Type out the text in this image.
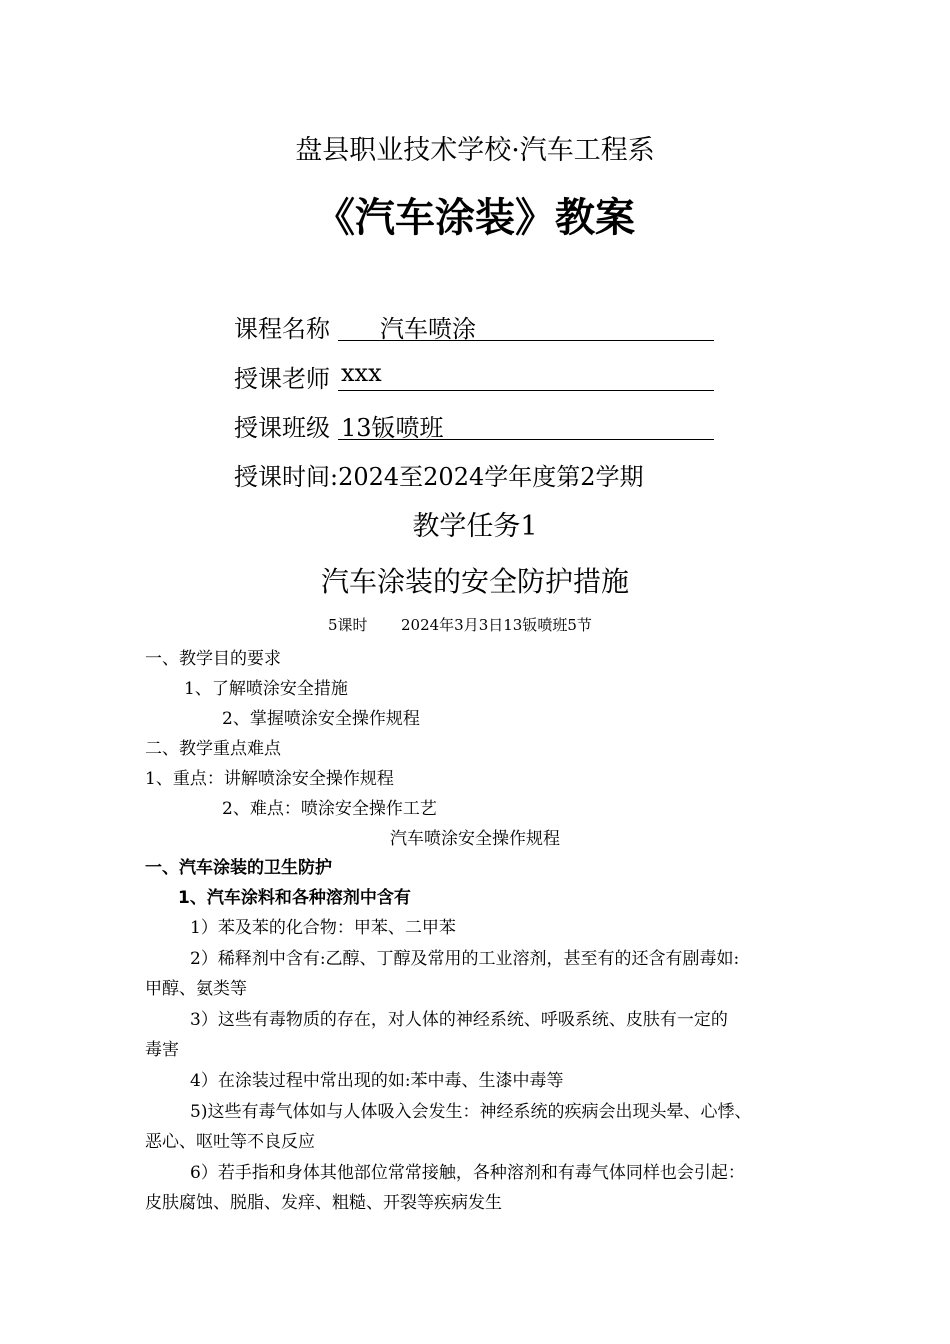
盘县职业技术学校·汽车工程系
《汽车涂装》教案
课程名称 汽车喷涂
授课老师 xxx
授课班级 13钣喷班
授课时间:2024至2024学年度第2学期
教学任务1
汽车涂装的安全防护措施
5课时 2024年3月3日13钣喷班5节
一、教学目的要求
1、了解喷涂安全措施
2、掌握喷涂安全操作规程
二、教学重点难点
1、重点：讲解喷涂安全操作规程
2、难点：喷涂安全操作工艺
汽车喷涂安全操作规程
一、汽车涂装的卫生防护
1、汽车涂料和各种溶剂中含有
1）苯及苯的化合物：甲苯、二甲苯
2）稀释剂中含有:乙醇、丁醇及常用的工业溶剂，甚至有的还含有剧毒如:
甲醇、氨类等
3）这些有毒物质的存在，对人体的神经系统、呼吸系统、皮肤有一定的
毒害
4）在涂装过程中常出现的如:苯中毒、生漆中毒等
5)这些有毒气体如与人体吸入会发生：神经系统的疾病会出现头晕、心悸、
恶心、呕吐等不良反应
6）若手指和身体其他部位常常接触，各种溶剂和有毒气体同样也会引起：
皮肤腐蚀、脱脂、发痒、粗糙、开裂等疾病发生
